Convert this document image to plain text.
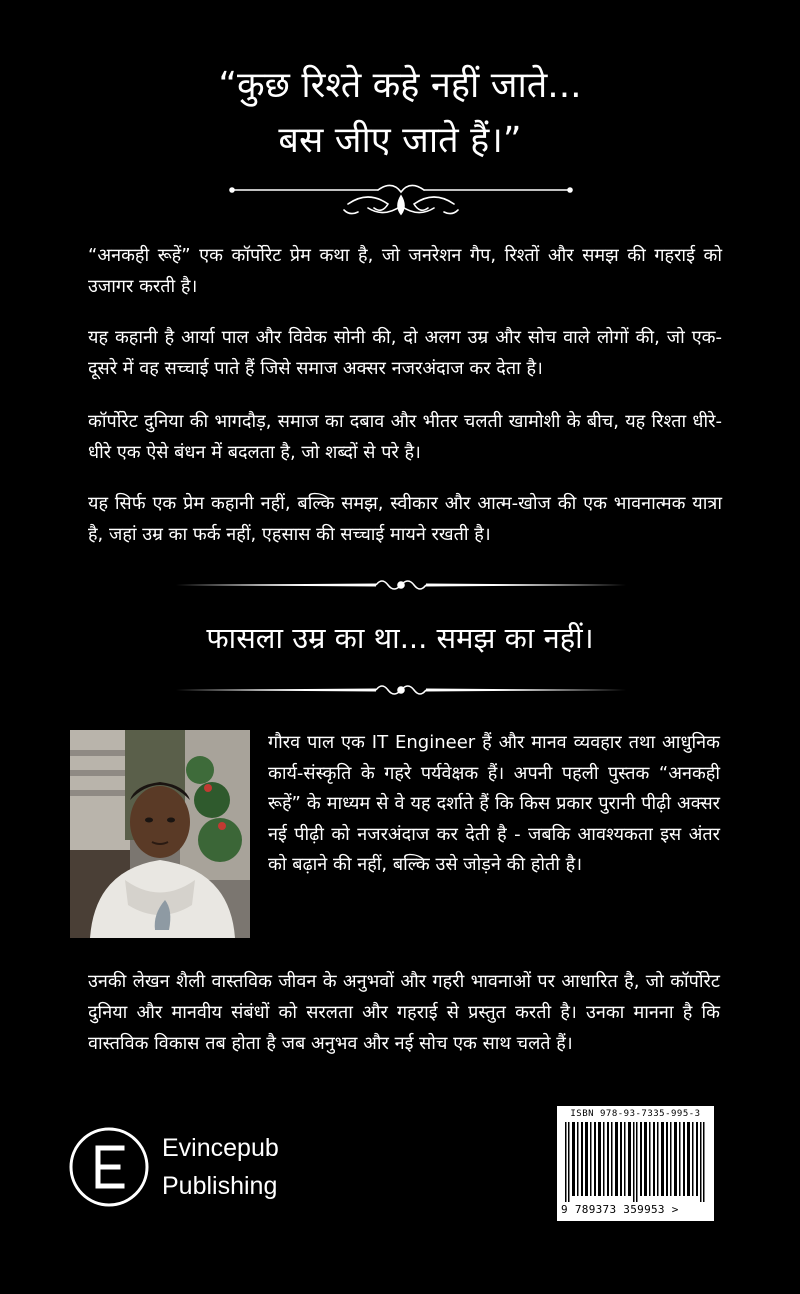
“कुछ रिश्ते कहे नहीं जाते...
बस जीए जाते हैं।”
“अनकही रूहें” एक कॉर्पोरेट प्रेम कथा है, जो जनरेशन गैप, रिश्तों और समझ की गहराई को उजागर करती है।
यह कहानी है आर्या पाल और विवेक सोनी की, दो अलग उम्र और सोच वाले लोगों की, जो एक-दूसरे में वह सच्चाई पाते हैं जिसे समाज अक्सर नजरअंदाज कर देता है।
कॉर्पोरेट दुनिया की भागदौड़, समाज का दबाव और भीतर चलती खामोशी के बीच, यह रिश्ता धीरे-धीरे एक ऐसे बंधन में बदलता है, जो शब्दों से परे है।
यह सिर्फ एक प्रेम कहानी नहीं, बल्कि समझ, स्वीकार और आत्म-खोज की एक भावनात्मक यात्रा है, जहां उम्र का फर्क नहीं, एहसास की सच्चाई मायने रखती है।
फासला उम्र का था... समझ का नहीं।
गौरव पाल एक IT Engineer हैं और मानव व्यवहार तथा आधुनिक कार्य-संस्कृति के गहरे पर्यवेक्षक हैं। अपनी पहली पुस्तक “अनकही रूहें” के माध्यम से वे यह दर्शाते हैं कि किस प्रकार पुरानी पीढ़ी अक्सर नई पीढ़ी को नजरअंदाज कर देती है - जबकि आवश्यकता इस अंतर को बढ़ाने की नहीं, बल्कि उसे जोड़ने की होती है।
उनकी लेखन शैली वास्तविक जीवन के अनुभवों और गहरी भावनाओं पर आधारित है, जो कॉर्पोरेट दुनिया और मानवीय संबंधों को सरलता और गहराई से प्रस्तुत करती है। उनका मानना है कि वास्तविक विकास तब होता है जब अनुभव और नई सोच एक साथ चलते हैं।
Evincepub
Publishing
ISBN 978-93-7335-995-3
9 789373 359953 >
